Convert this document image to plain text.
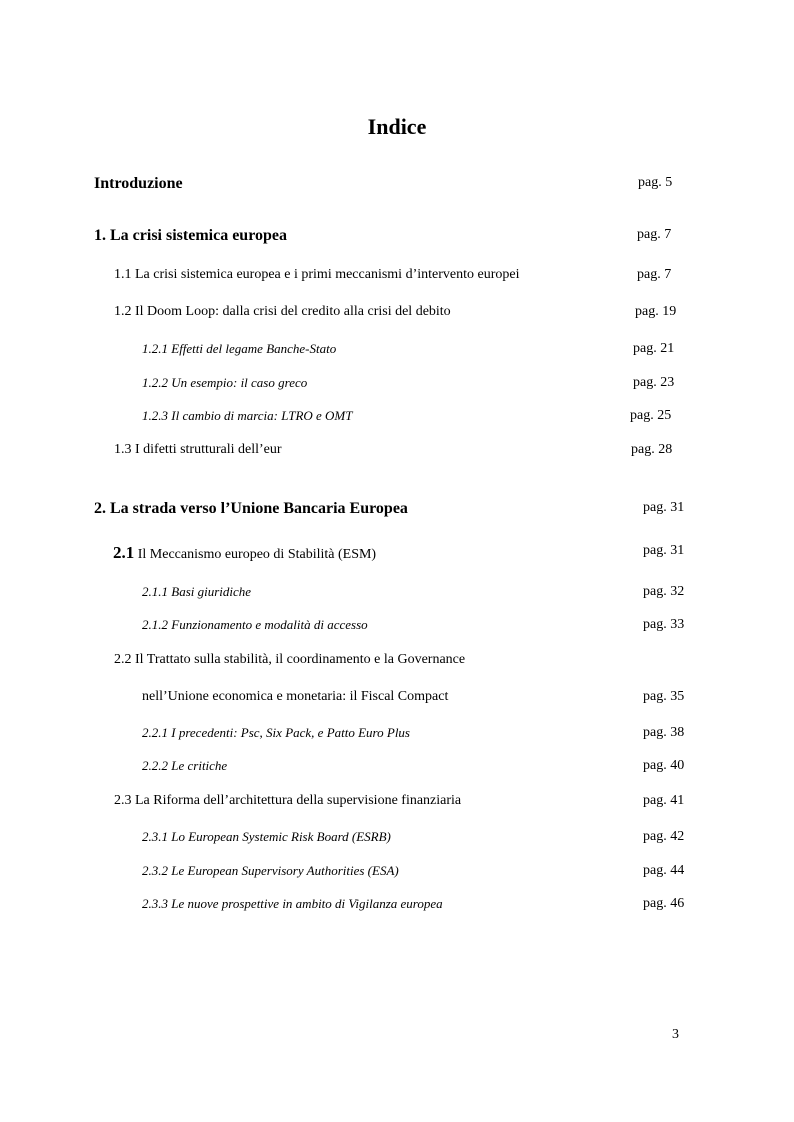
Indice
Introduzione	pag. 5
1. La crisi sistemica europea	pag. 7
1.1 La crisi sistemica europea e i primi meccanismi d’intervento europei	pag. 7
1.2 Il Doom Loop: dalla crisi del credito alla crisi del debito	pag. 19
1.2.1 Effetti del legame Banche-Stato	pag. 21
1.2.2 Un esempio: il caso greco	pag. 23
1.2.3 Il cambio di marcia: LTRO e OMT	pag. 25
1.3 I difetti strutturali dell’eur	pag. 28
2. La strada verso l’Unione Bancaria Europea	pag. 31
2.1 Il Meccanismo europeo di Stabilità (ESM)	pag. 31
2.1.1 Basi giuridiche	pag. 32
2.1.2 Funzionamento e modalità di accesso	pag. 33
2.2 Il Trattato sulla stabilità, il coordinamento e la Governance
nell’Unione economica e monetaria: il Fiscal Compact	pag. 35
2.2.1 I precedenti: Psc, Six Pack, e Patto Euro Plus	pag. 38
2.2.2 Le critiche	pag. 40
2.3 La Riforma dell’architettura della supervisione finanziaria	pag. 41
2.3.1 Lo European Systemic Risk Board (ESRB)	pag. 42
2.3.2 Le European Supervisory Authorities (ESA)	pag. 44
2.3.3 Le nuove prospettive in ambito di Vigilanza europea	pag. 46
3
